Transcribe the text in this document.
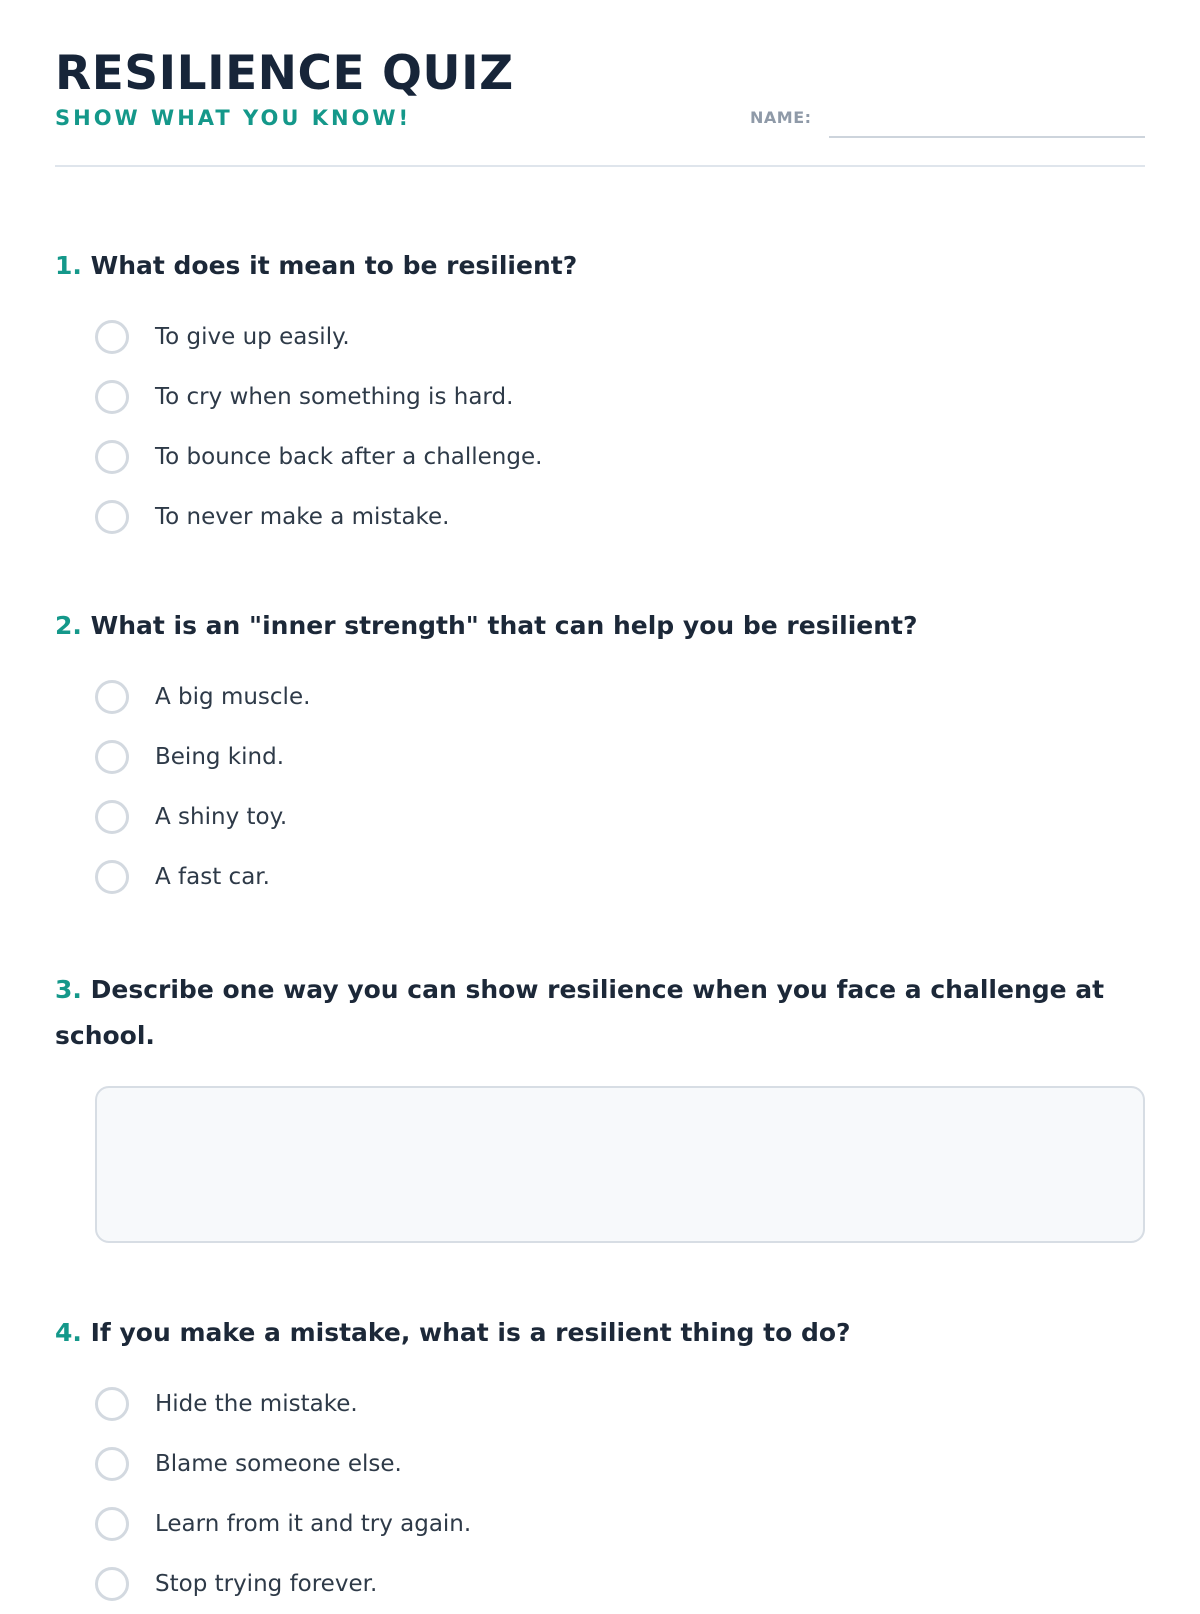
RESILIENCE QUIZ
SHOW WHAT YOU KNOW!	NAME:

1. What does it mean to be resilient?

To give up easily.
To cry when something is hard.
To bounce back after a challenge.
To never make a mistake.

2. What is an "inner strength" that can help you be resilient?

A big muscle.
Being kind.
A shiny toy.
A fast car.

3. Describe one way you can show resilience when you face a challenge at school.

4. If you make a mistake, what is a resilient thing to do?

Hide the mistake.
Blame someone else.
Learn from it and try again.
Stop trying forever.
